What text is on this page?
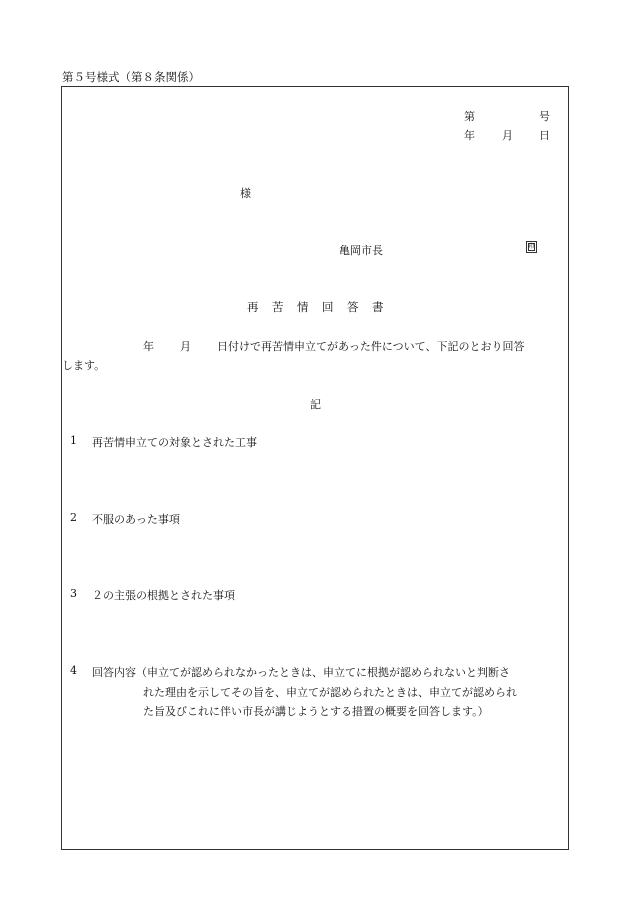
第５号様式（第８条関係）
第	号
年 月 日
様
亀岡市長	印
再 苦 情 回 答 書
年 月 日付けで再苦情申立てがあった件について、下記のとおり回答
します。
記
1 再苦情申立ての対象とされた工事
2 不服のあった事項
3 ２の主張の根拠とされた事項
4 回答内容（申立てが認められなかったときは、申立てに根拠が認められないと判断さ
れた理由を示してその旨を、申立てが認められたときは、申立てが認められ
た旨及びこれに伴い市長が講じようとする措置の概要を回答します。）
